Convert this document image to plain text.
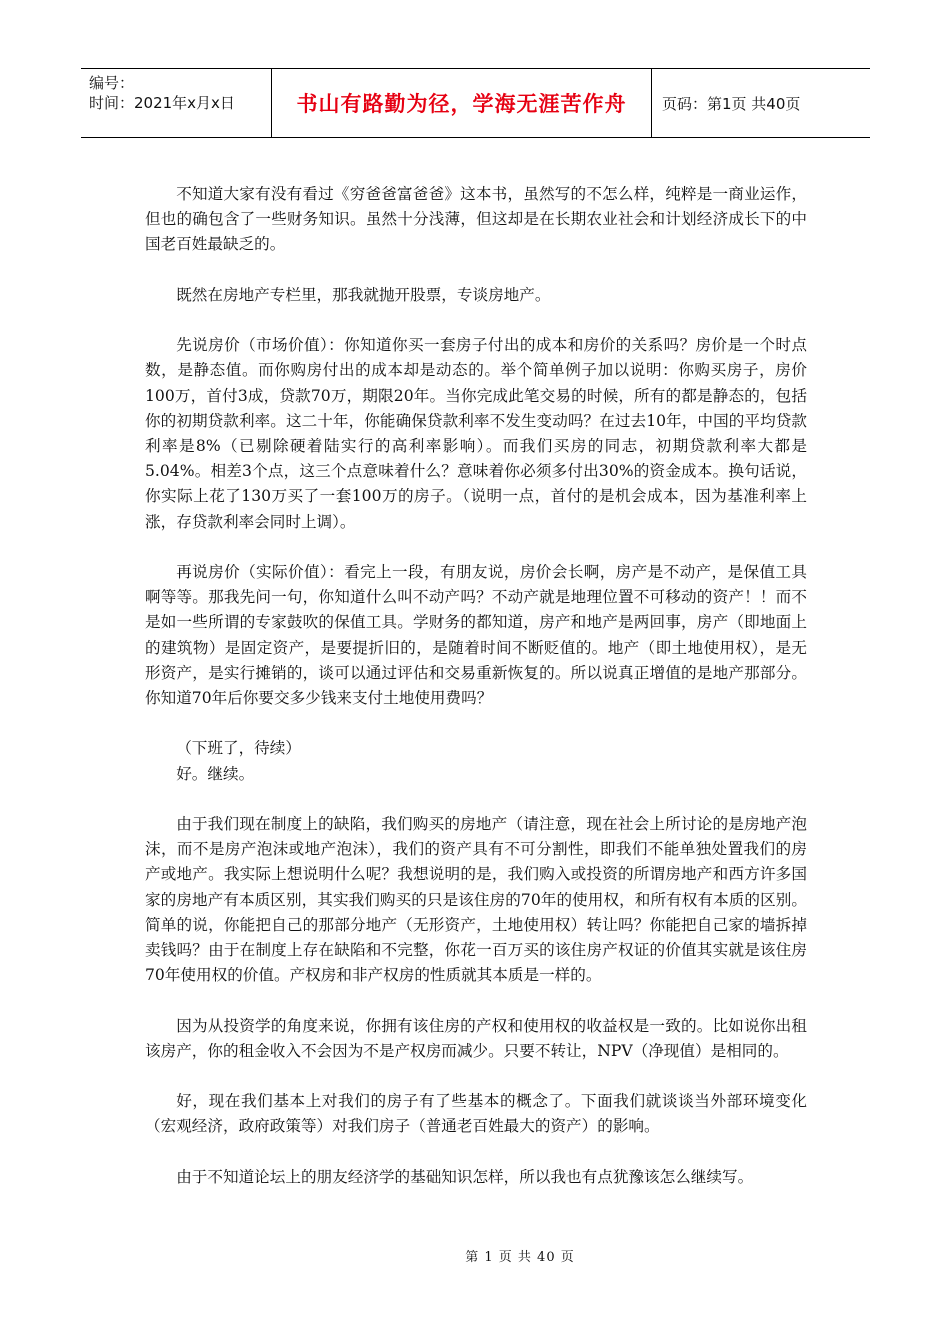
编号：
时间：2021年x月x日	书山有路勤为径，学海无涯苦作舟	页码：第1页 共40页

不知道大家有没有看过《穷爸爸富爸爸》这本书，虽然写的不怎么样，纯粹是一商业运作，但也的确包含了一些财务知识。虽然十分浅薄，但这却是在长期农业社会和计划经济成长下的中国老百姓最缺乏的。

既然在房地产专栏里，那我就抛开股票，专谈房地产。

先说房价（市场价值）：你知道你买一套房子付出的成本和房价的关系吗？房价是一个时点数，是静态值。而你购房付出的成本却是动态的。举个简单例子加以说明：你购买房子，房价100万，首付3成，贷款70万，期限20年。当你完成此笔交易的时候，所有的都是静态的，包括你的初期贷款利率。这二十年，你能确保贷款利率不发生变动吗？在过去10年，中国的平均贷款利率是8%（已剔除硬着陆实行的高利率影响）。而我们买房的同志，初期贷款利率大都是5.04%。相差3个点，这三个点意味着什么？意味着你必须多付出30%的资金成本。换句话说，你实际上花了130万买了一套100万的房子。（说明一点，首付的是机会成本，因为基准利率上涨，存贷款利率会同时上调）。

再说房价（实际价值）：看完上一段，有朋友说，房价会长啊，房产是不动产，是保值工具啊等等。那我先问一句，你知道什么叫不动产吗？不动产就是地理位置不可移动的资产！！而不是如一些所谓的专家鼓吹的保值工具。学财务的都知道，房产和地产是两回事，房产（即地面上的建筑物）是固定资产，是要提折旧的，是随着时间不断贬值的。地产（即土地使用权），是无形资产，是实行摊销的，谈可以通过评估和交易重新恢复的。所以说真正增值的是地产那部分。你知道70年后你要交多少钱来支付土地使用费吗？

（下班了，待续）

好。继续。

由于我们现在制度上的缺陷，我们购买的房地产（请注意，现在社会上所讨论的是房地产泡沫，而不是房产泡沫或地产泡沫），我们的资产具有不可分割性，即我们不能单独处置我们的房产或地产。我实际上想说明什么呢？我想说明的是，我们购入或投资的所谓房地产和西方许多国家的房地产有本质区别，其实我们购买的只是该住房的70年的使用权，和所有权有本质的区别。简单的说，你能把自己的那部分地产（无形资产，土地使用权）转让吗？你能把自己家的墙拆掉卖钱吗？由于在制度上存在缺陷和不完整，你花一百万买的该住房产权证的价值其实就是该住房70年使用权的价值。产权房和非产权房的性质就其本质是一样的。

因为从投资学的角度来说，你拥有该住房的产权和使用权的收益权是一致的。比如说你出租该房产，你的租金收入不会因为不是产权房而减少。只要不转让，NPV（净现值）是相同的。

好，现在我们基本上对我们的房子有了些基本的概念了。下面我们就谈谈当外部环境变化（宏观经济，政府政策等）对我们房子（普通老百姓最大的资产）的影响。

由于不知道论坛上的朋友经济学的基础知识怎样，所以我也有点犹豫该怎么继续写。

第 1 页 共 40 页
